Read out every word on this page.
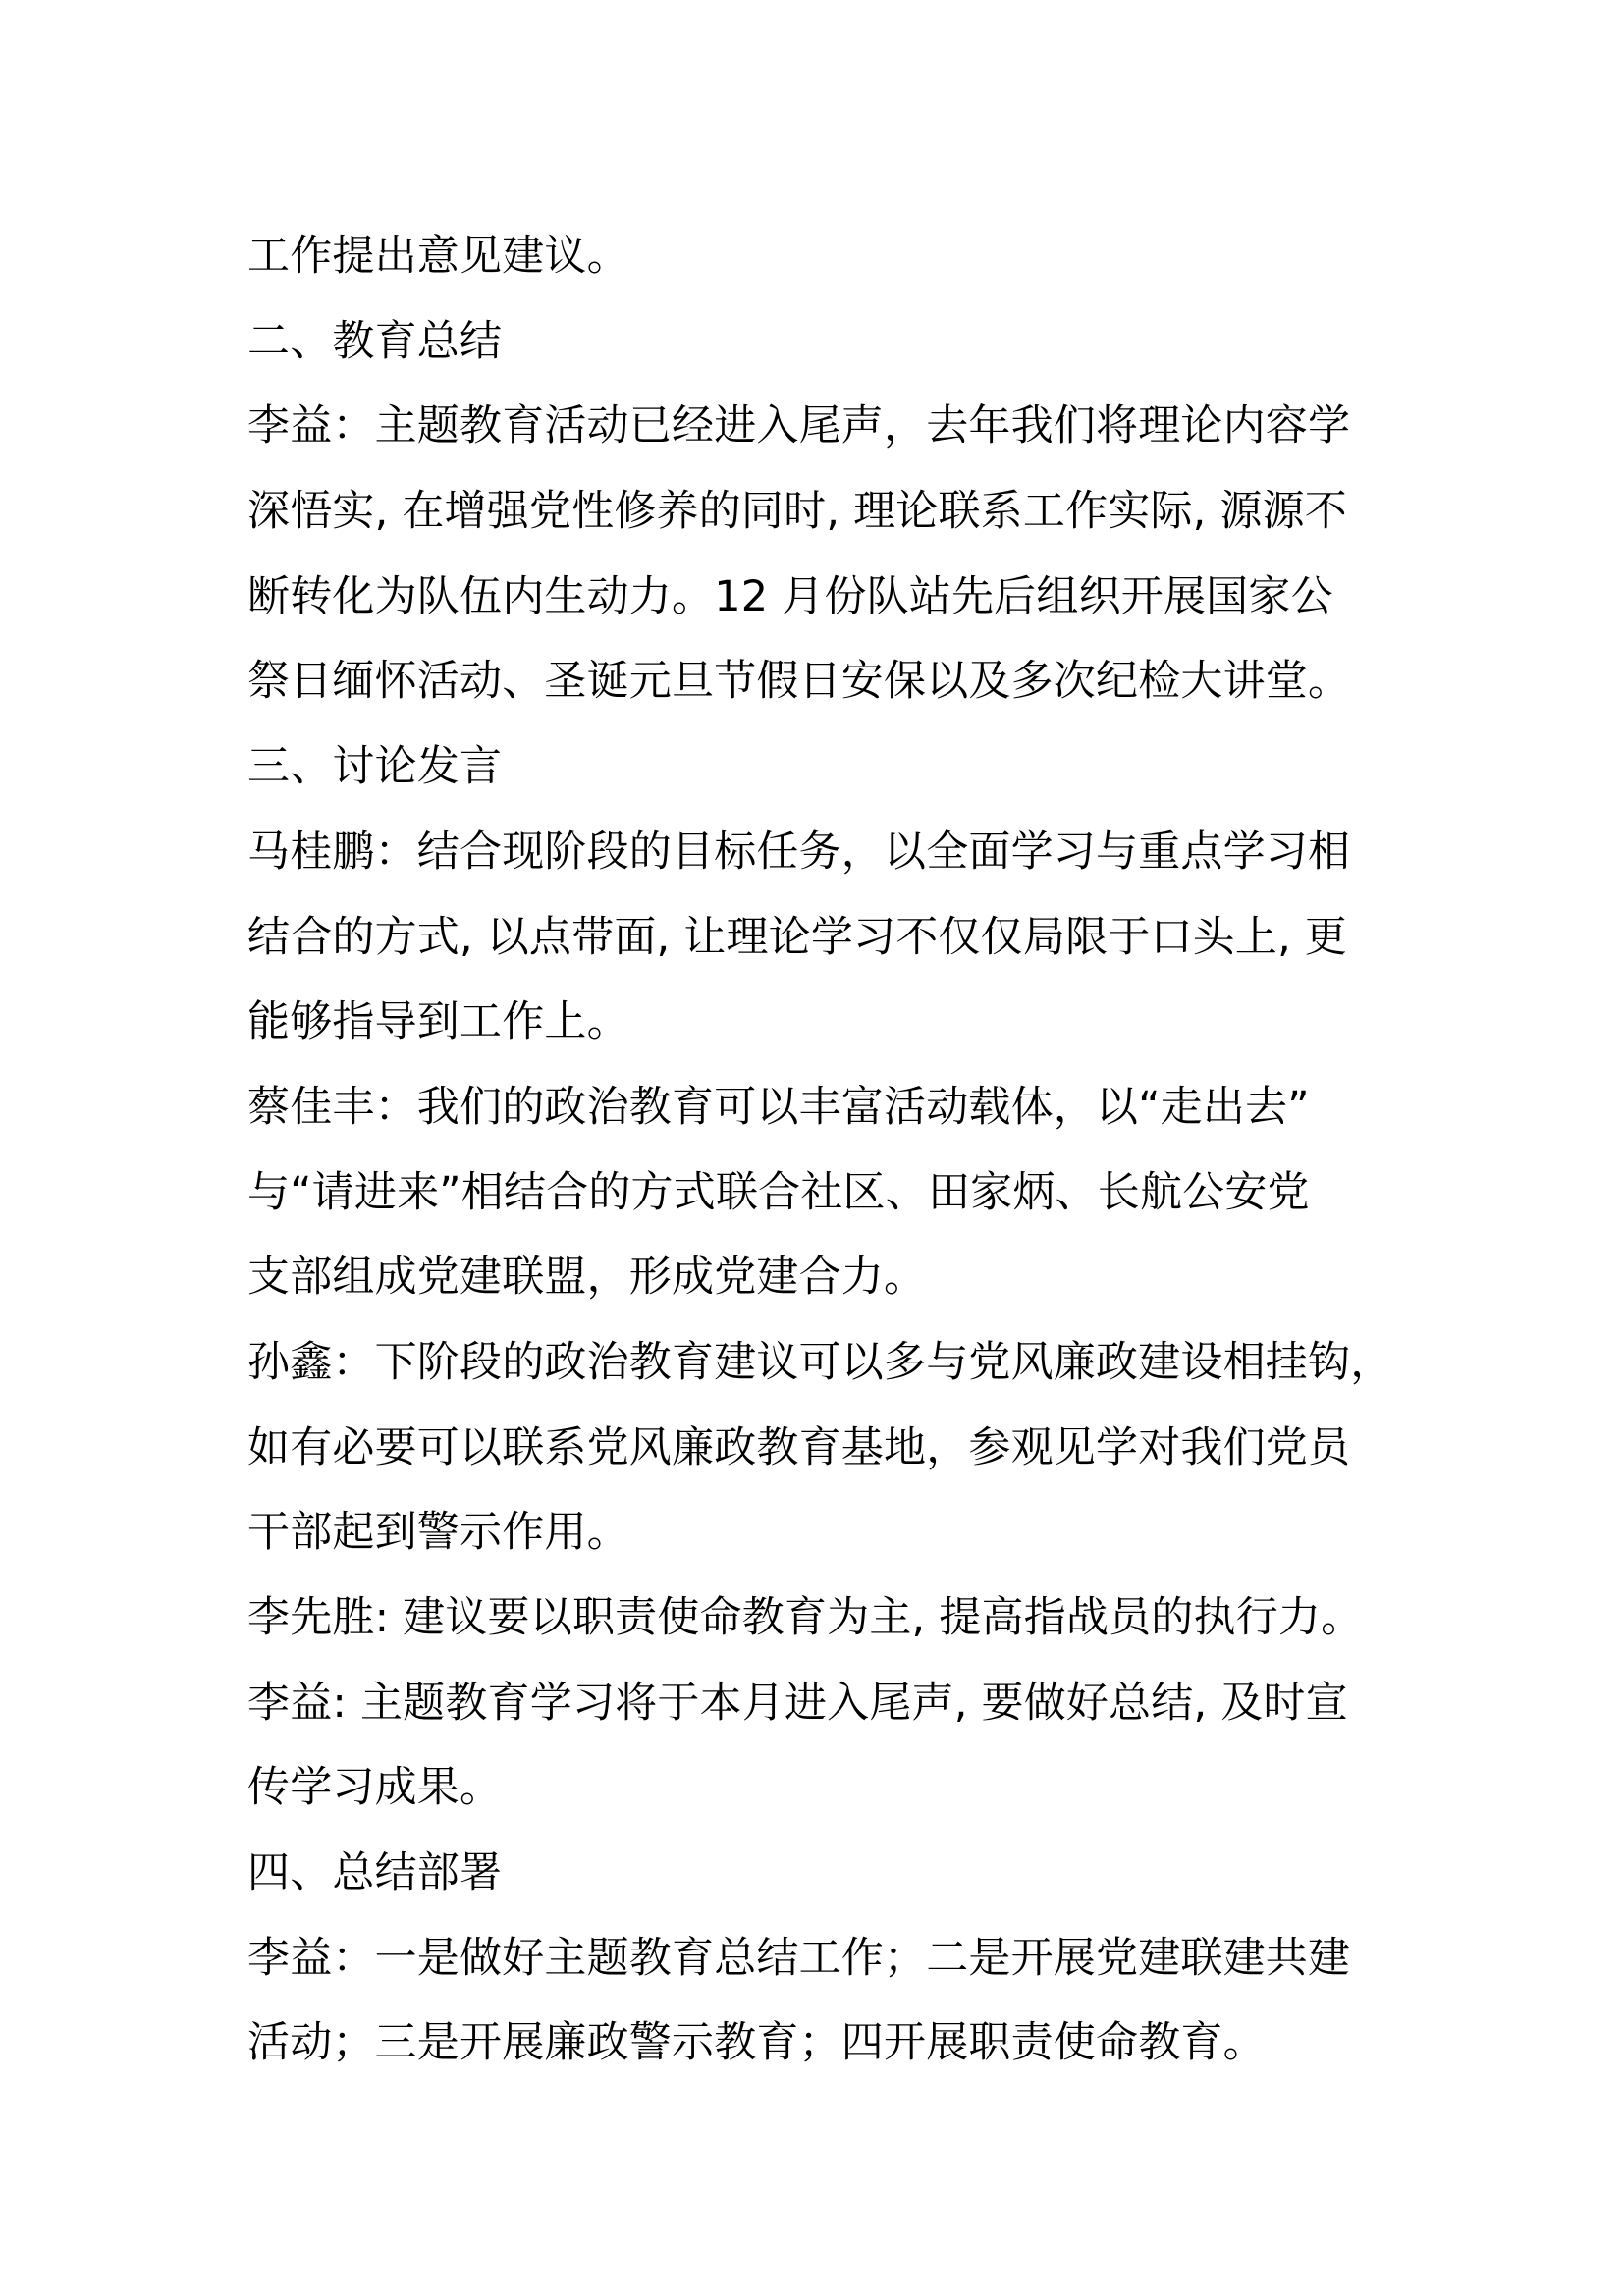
工作提出意见建议。
二、教育总结
李益：主题教育活动已经进入尾声，去年我们将理论内容学
深悟实, 在增强党性修养的同时, 理论联系工作实际, 源源不
断转化为队伍内生动力。12 月份队站先后组织开展国家公
祭日缅怀活动、圣诞元旦节假日安保以及多次纪检大讲堂。
三、讨论发言
马桂鹏：结合现阶段的目标任务，以全面学习与重点学习相
结合的方式, 以点带面, 让理论学习不仅仅局限于口头上, 更
能够指导到工作上。
蔡佳丰：我们的政治教育可以丰富活动载体，以“走出去”
与“请进来”相结合的方式联合社区、田家炳、长航公安党
支部组成党建联盟，形成党建合力。
孙鑫：下阶段的政治教育建议可以多与党风廉政建设相挂钩，
如有必要可以联系党风廉政教育基地，参观见学对我们党员
干部起到警示作用。
李先胜: 建议要以职责使命教育为主, 提高指战员的执行力。
李益: 主题教育学习将于本月进入尾声, 要做好总结, 及时宣
传学习成果。
四、总结部署
李益：一是做好主题教育总结工作；二是开展党建联建共建
活动；三是开展廉政警示教育；四开展职责使命教育。
